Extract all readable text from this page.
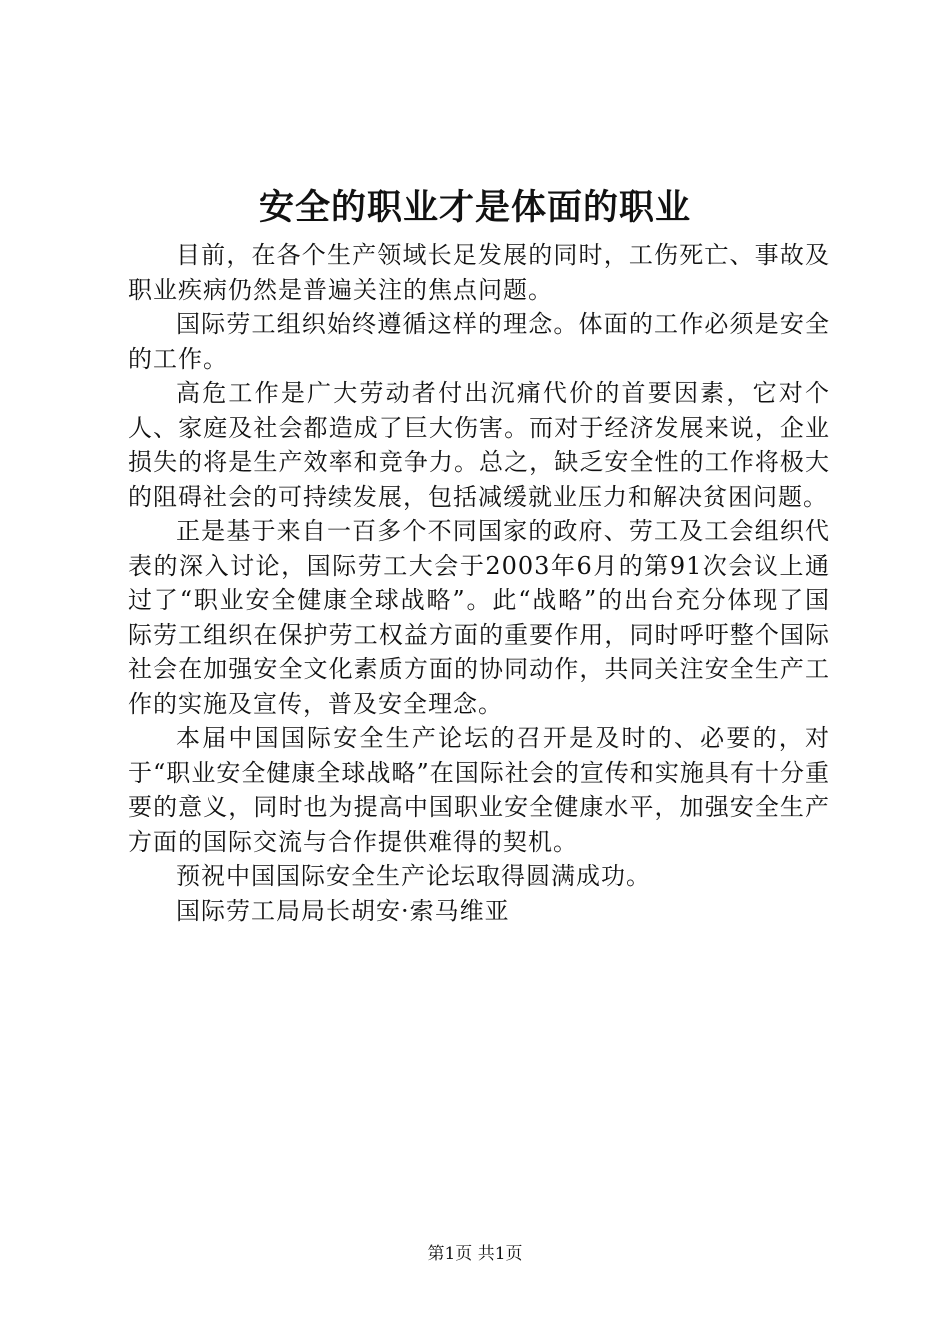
安全的职业才是体面的职业

目前，在各个生产领域长足发展的同时，工伤死亡、事故及职业疾病仍然是普遍关注的焦点问题。

国际劳工组织始终遵循这样的理念。体面的工作必须是安全的工作。

高危工作是广大劳动者付出沉痛代价的首要因素，它对个人、家庭及社会都造成了巨大伤害。而对于经济发展来说，企业损失的将是生产效率和竞争力。总之，缺乏安全性的工作将极大的阻碍社会的可持续发展，包括减缓就业压力和解决贫困问题。

正是基于来自一百多个不同国家的政府、劳工及工会组织代表的深入讨论，国际劳工大会于2003年6月的第91次会议上通过了“职业安全健康全球战略”。此“战略”的出台充分体现了国际劳工组织在保护劳工权益方面的重要作用，同时呼吁整个国际社会在加强安全文化素质方面的协同动作，共同关注安全生产工作的实施及宣传，普及安全理念。

本届中国国际安全生产论坛的召开是及时的、必要的，对于“职业安全健康全球战略”在国际社会的宣传和实施具有十分重要的意义，同时也为提高中国职业安全健康水平，加强安全生产方面的国际交流与合作提供难得的契机。

预祝中国国际安全生产论坛取得圆满成功。

国际劳工局局长胡安·索马维亚

第1页 共1页
